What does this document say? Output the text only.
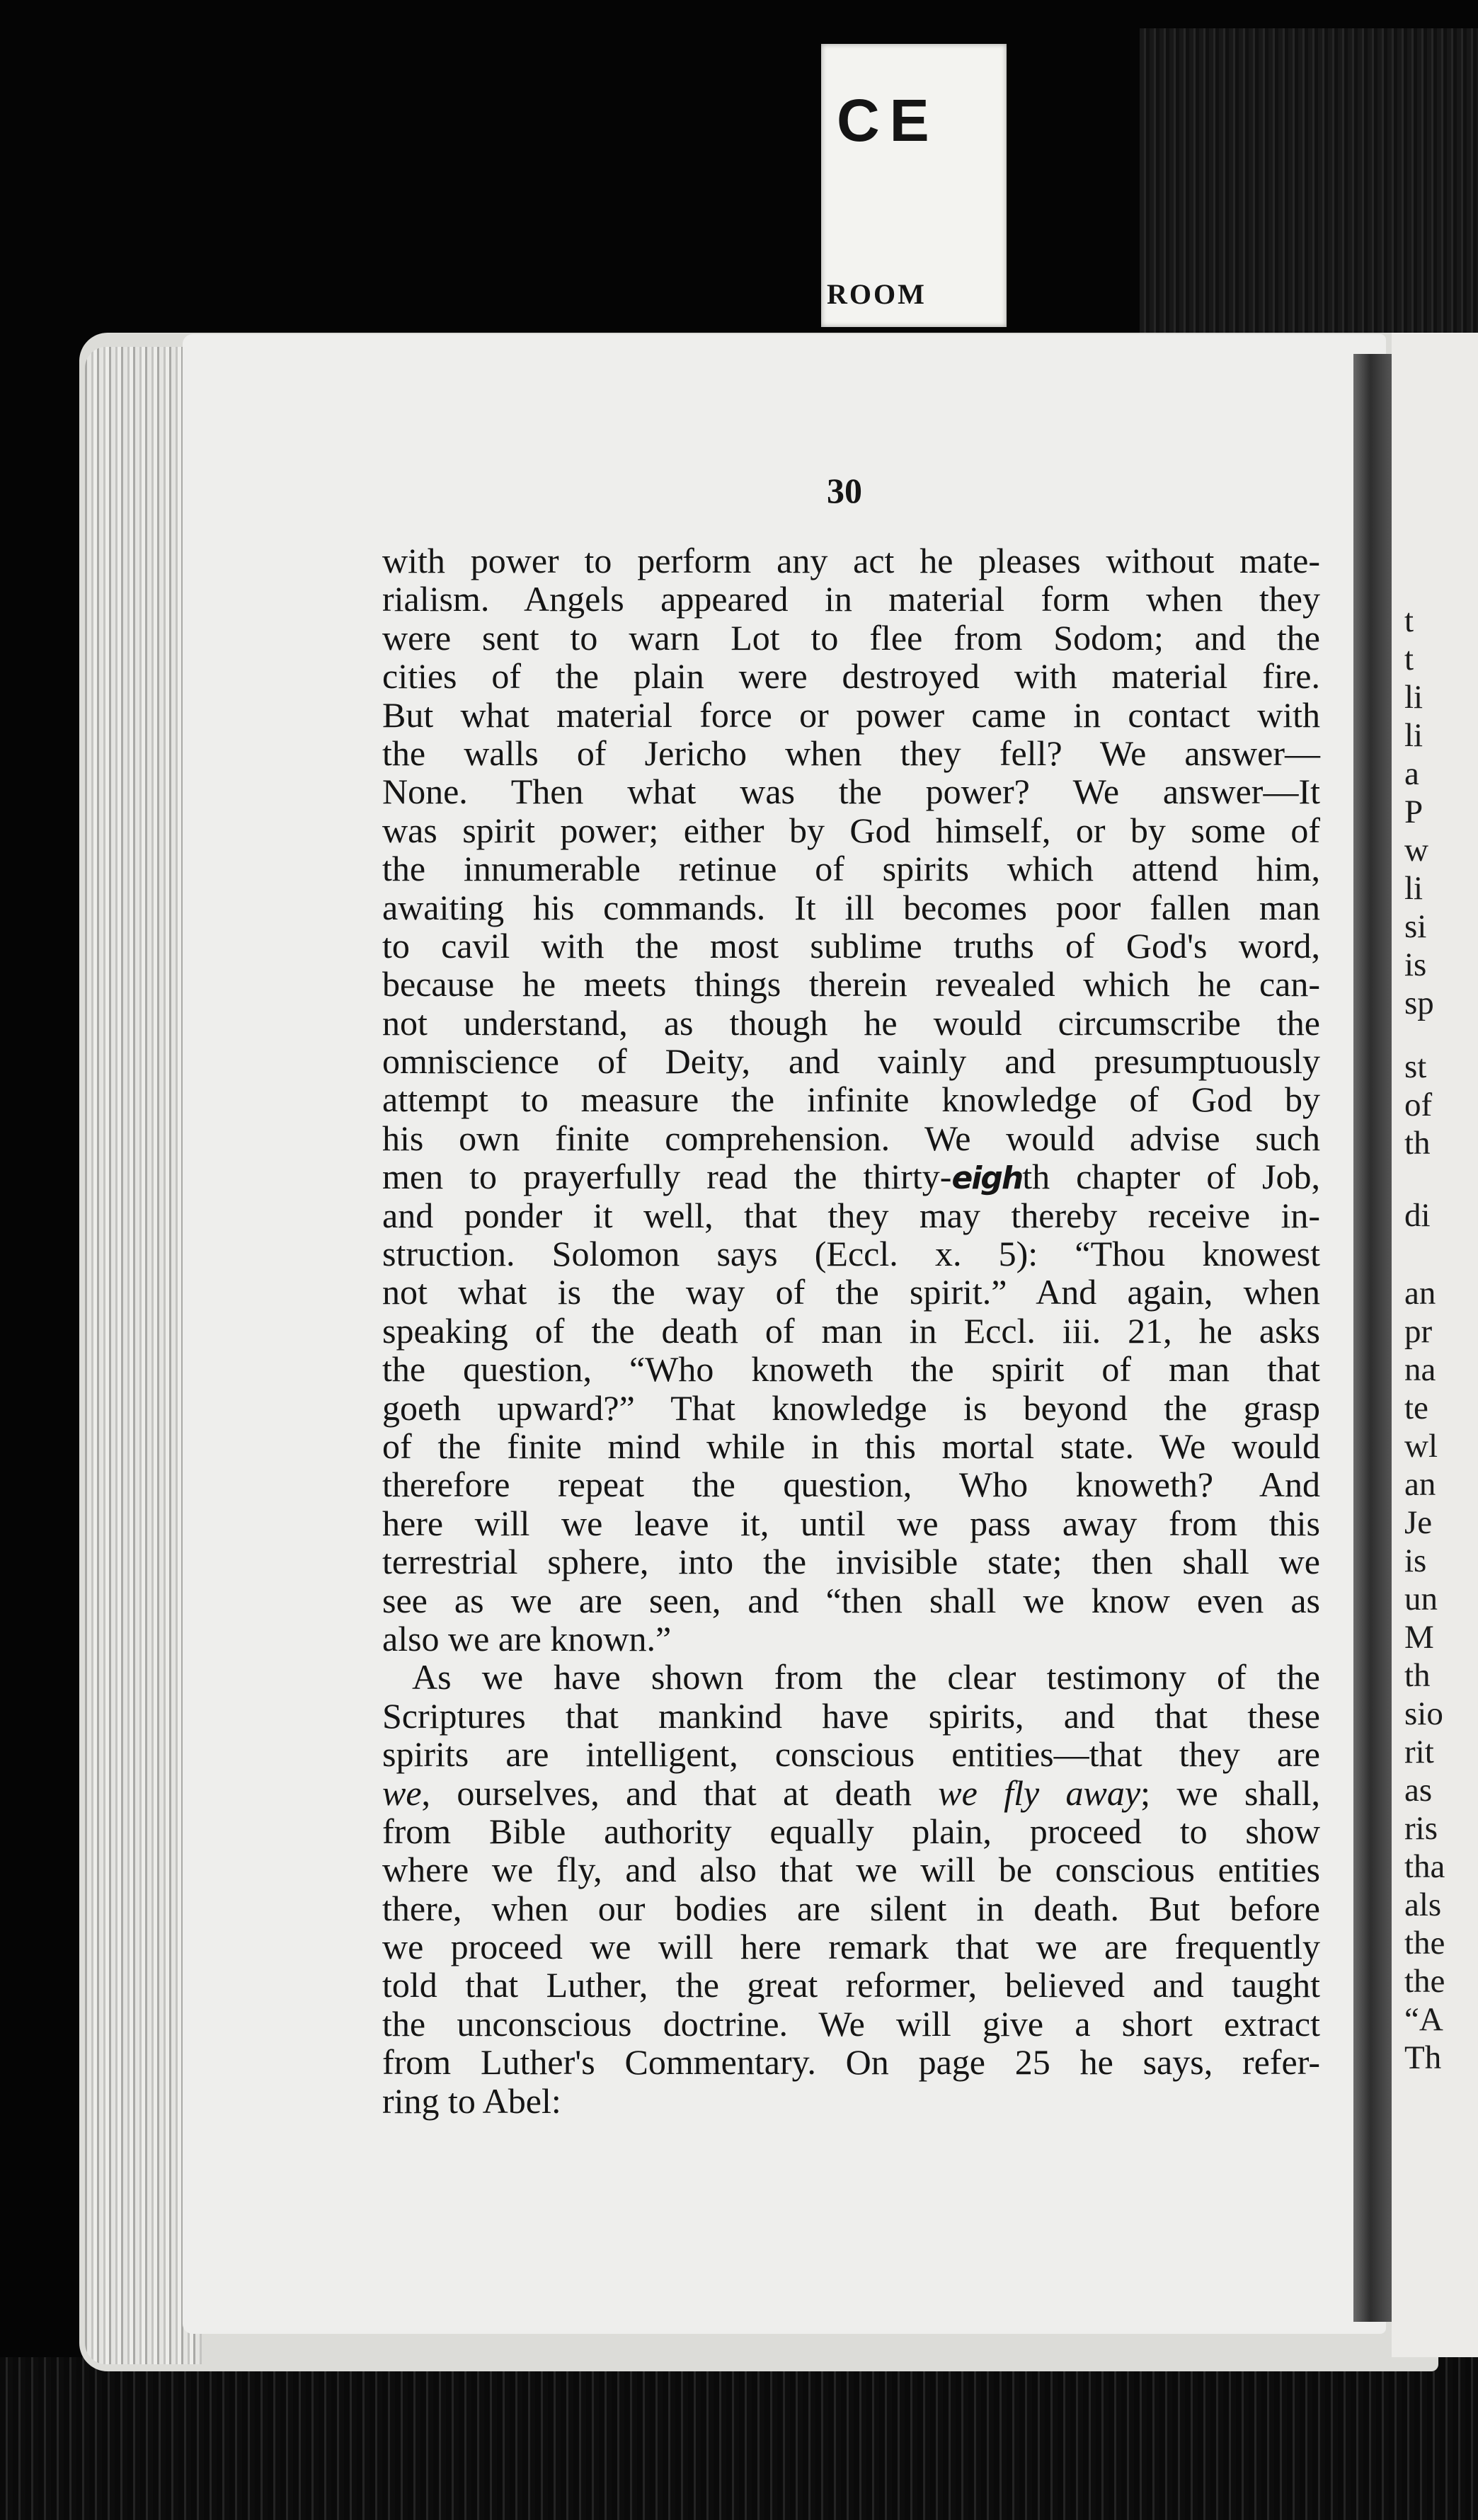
CE
ROOM
t
t
li
li
a
P
w
li
si
is
sp
st
of
th
di
an
pr
na
te
wl
an
Je
is
un
M
th
sio
rit
as
ris
tha
als
the
the
“A
Th
30
with power to perform any act he pleases without mate-
rialism. Angels appeared in material form when they
were sent to warn Lot to flee from Sodom; and the
cities of the plain were destroyed with material fire.
But what material force or power came in contact with
the walls of Jericho when they fell? We answer—
None. Then what was the power? We answer—It
was spirit power; either by God himself, or by some of
the innumerable retinue of spirits which attend him,
awaiting his commands. It ill becomes poor fallen man
to cavil with the most sublime truths of God's word,
because he meets things therein revealed which he can-
not understand, as though he would circumscribe the
omniscience of Deity, and vainly and presumptuously
attempt to measure the infinite knowledge of God by
his own finite comprehension. We would advise such
men to prayerfully read the thirty-eighth chapter of Job,
and ponder it well, that they may thereby receive in-
struction. Solomon says (Eccl. x. 5): “Thou knowest
not what is the way of the spirit.” And again, when
speaking of the death of man in Eccl. iii. 21, he asks
the question, “Who knoweth the spirit of man that
goeth upward?” That knowledge is beyond the grasp
of the finite mind while in this mortal state. We would
therefore repeat the question, Who knoweth? And
here will we leave it, until we pass away from this
terrestrial sphere, into the invisible state; then shall we
see as we are seen, and “then shall we know even as
also we are known.”
As we have shown from the clear testimony of the
Scriptures that mankind have spirits, and that these
spirits are intelligent, conscious entities—that they are
we, ourselves, and that at death we fly away; we shall,
from Bible authority equally plain, proceed to show
where we fly, and also that we will be conscious entities
there, when our bodies are silent in death. But before
we proceed we will here remark that we are frequently
told that Luther, the great reformer, believed and taught
the unconscious doctrine. We will give a short extract
from Luther's Commentary. On page 25 he says, refer-
ring to Abel:
